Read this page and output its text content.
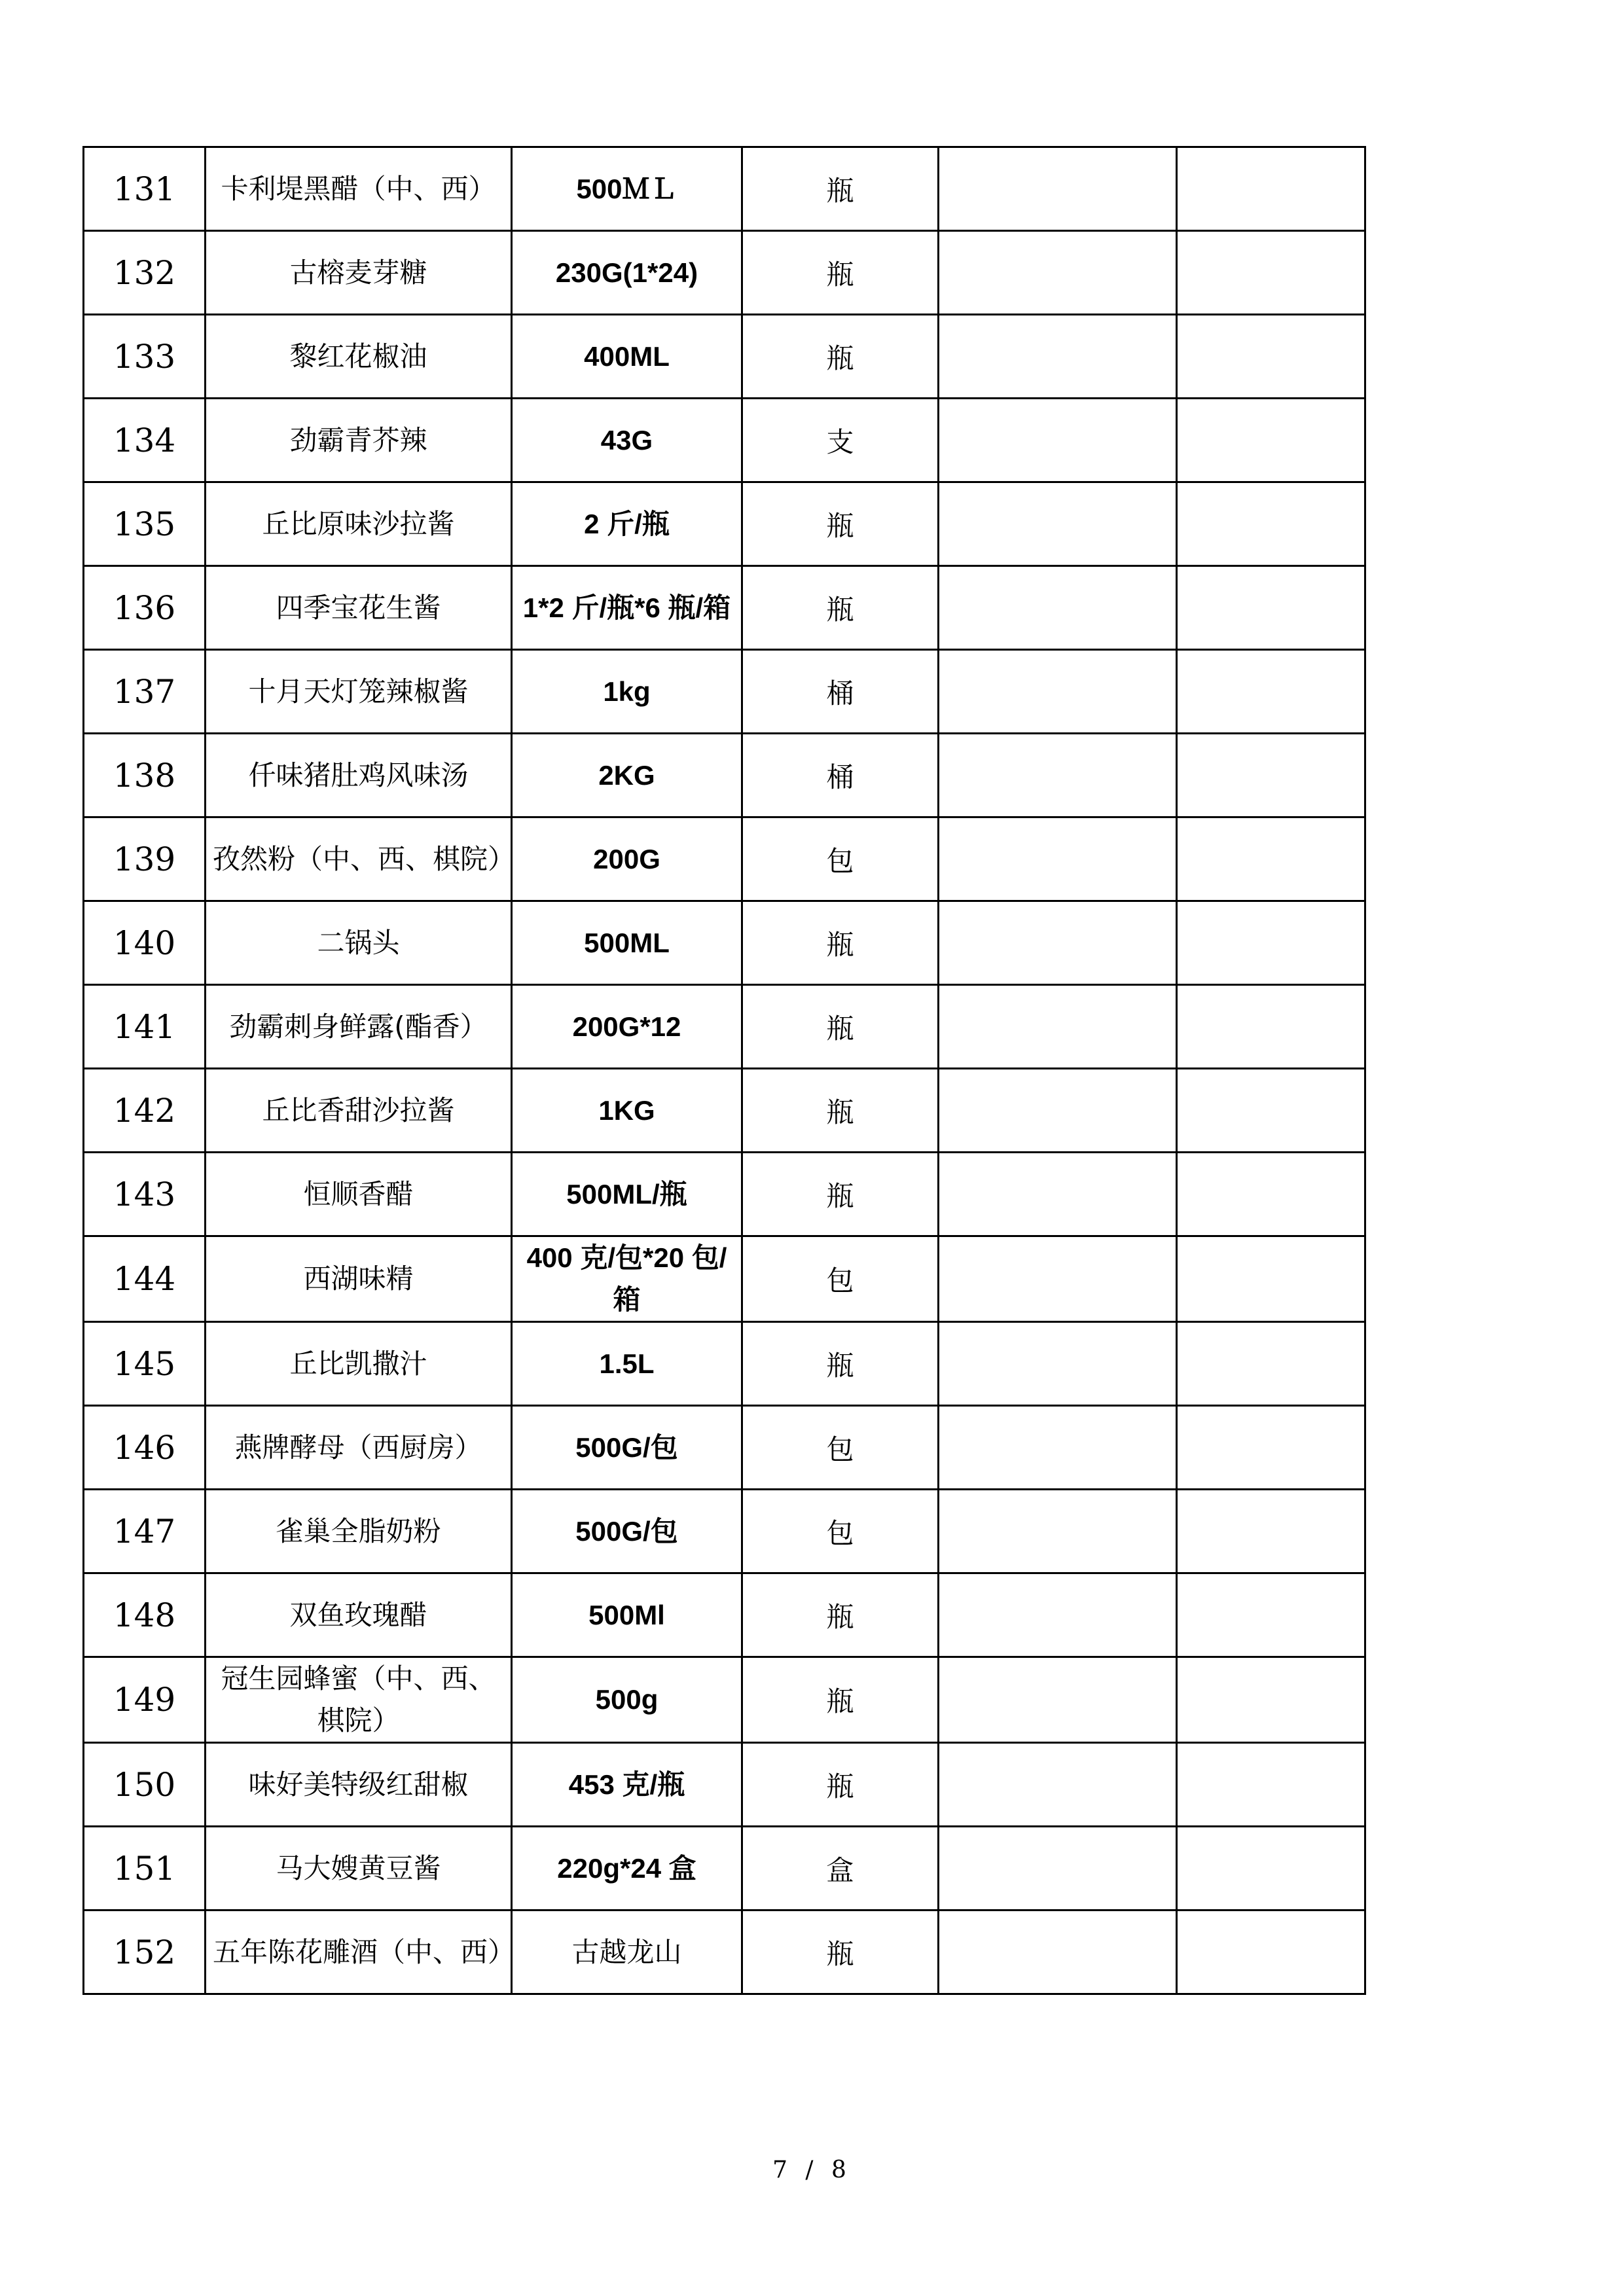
131	卡利堤黑醋（中、西）	500ＭＬ	瓶		
132	古榕麦芽糖	230G(1*24)	瓶		
133	黎红花椒油	400ML	瓶		
134	劲霸青芥辣	43G	支		
135	丘比原味沙拉酱	2 斤/瓶	瓶		
136	四季宝花生酱	1*2 斤/瓶*6 瓶/箱	瓶		
137	十月天灯笼辣椒酱	1kg	桶		
138	仟味猪肚鸡风味汤	2KG	桶		
139	孜然粉（中、西、棋院）	200G	包		
140	二锅头	500ML	瓶		
141	劲霸刺身鲜露(酯香）	200G*12	瓶		
142	丘比香甜沙拉酱	1KG	瓶		
143	恒顺香醋	500ML/瓶	瓶		
144	西湖味精	400 克/包*20 包/箱	包		
145	丘比凯撒汁	1.5L	瓶		
146	燕牌酵母（西厨房）	500G/包	包		
147	雀巢全脂奶粉	500G/包	包		
148	双鱼玫瑰醋	500Ml	瓶		
149	冠生园蜂蜜（中、西、棋院）	500g	瓶		
150	味好美特级红甜椒	453 克/瓶	瓶		
151	马大嫂黄豆酱	220g*24 盒	盒		
152	五年陈花雕酒（中、西）	古越龙山	瓶		
7 / 8
